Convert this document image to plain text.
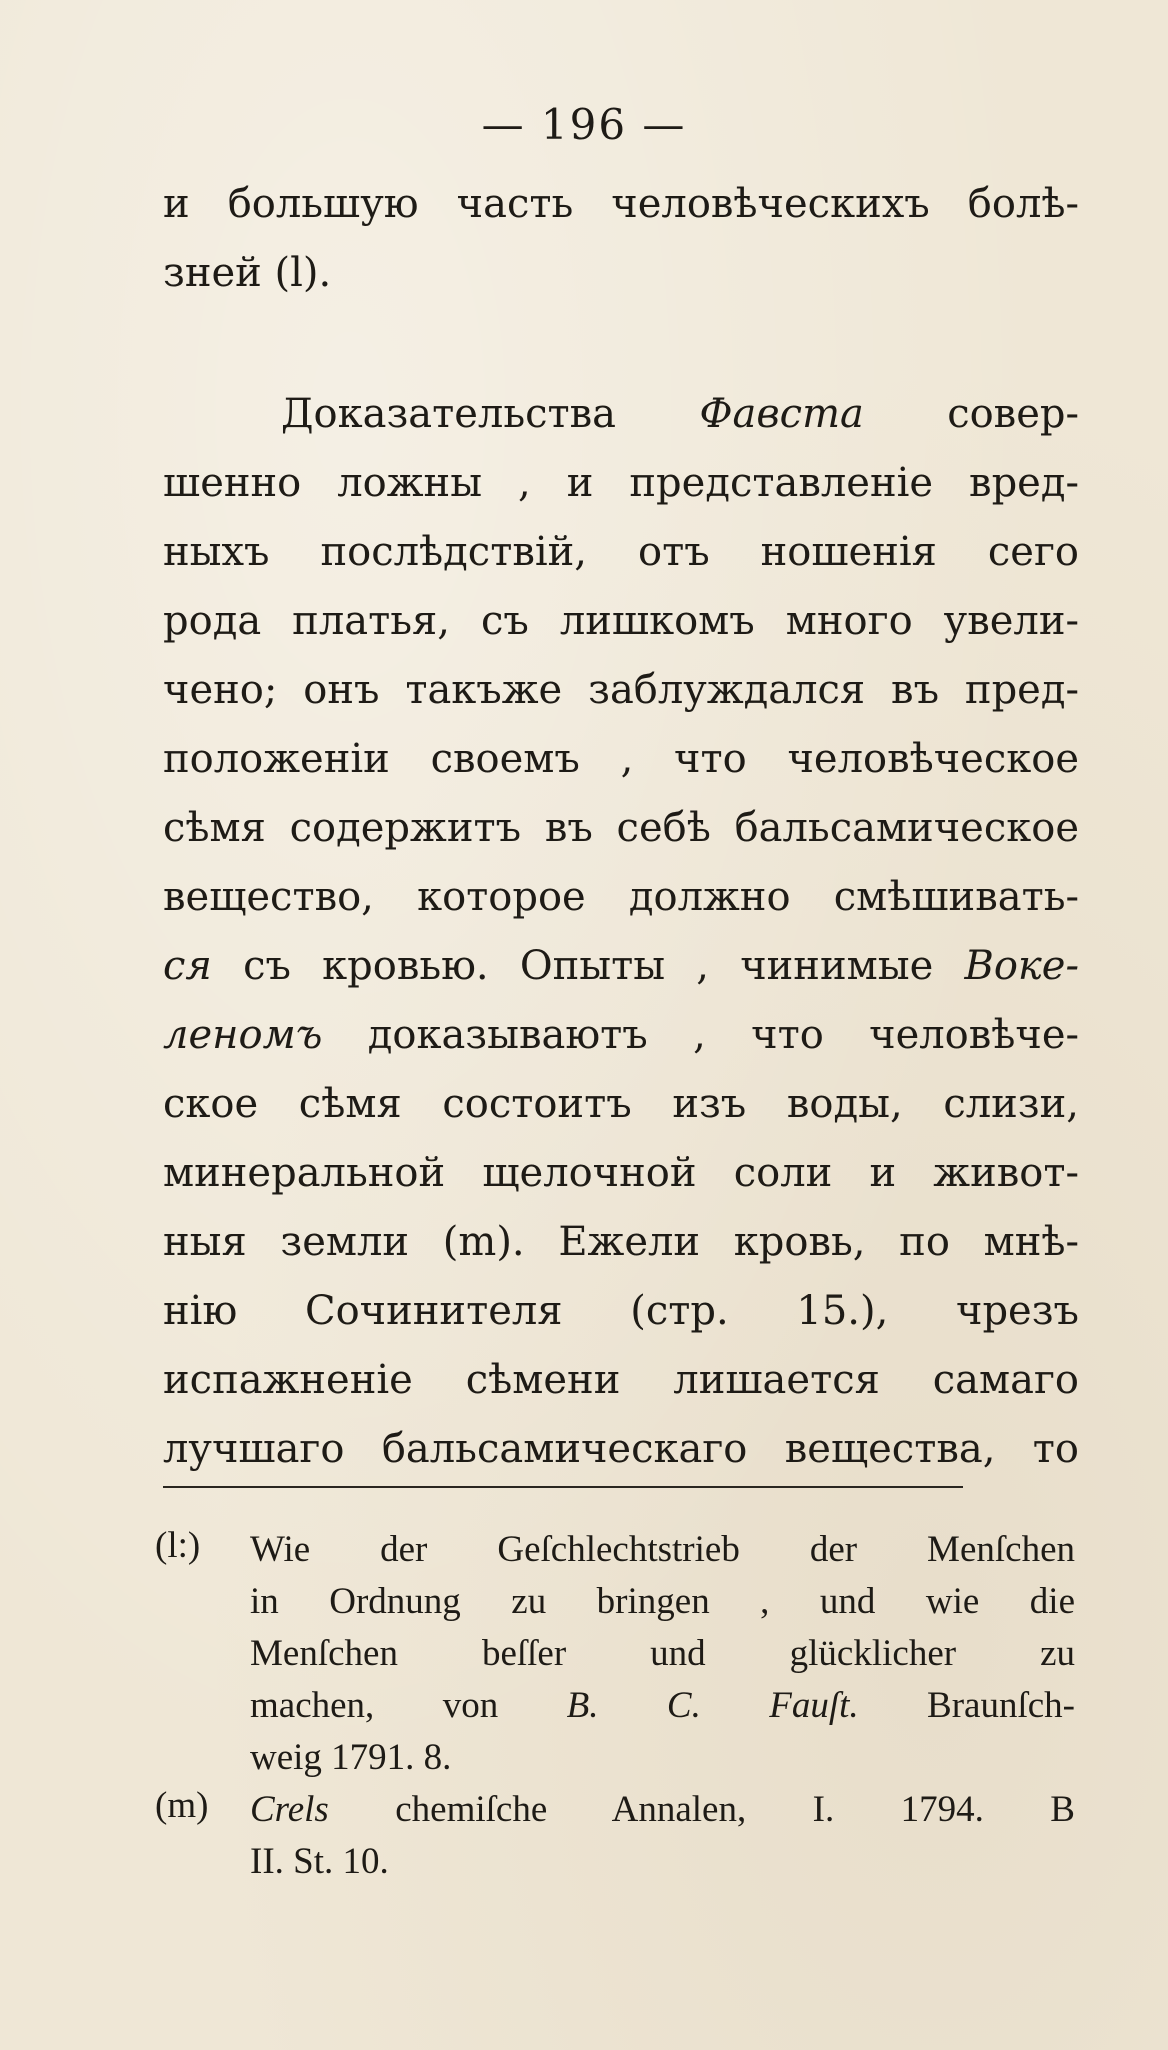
— 196 —
и большую часть человѣческихъ болѣ-
зней (l).
Доказательства Фавста совер-
шенно ложны , и представленіе вред-
ныхъ послѣдствій, отъ ношенія сего
рода платья, съ лишкомъ много увели-
чено; онъ такъже заблуждался въ пред-
положеніи своемъ , что человѣческое
сѣмя содержитъ въ себѣ бальсамическое
вещество, которое должно смѣшивать-
ся съ кровью. Опыты , чинимые Воке-
леномъ доказываютъ , что человѣче-
ское сѣмя состоитъ изъ воды, слизи,
минеральной щелочной соли и живот-
ныя земли (m). Ежели кровь, по мнѣ-
нію Сочинителя (стр. 15.), чрезъ
испажненіе сѣмени лишается самаго
лучшаго бальсамическаго вещества, то
(l:)	Wie der Geſchlechtstrieb der Menſchen
in Ordnung zu bringen , und wie die
Menſchen beſſer und glücklicher zu
machen, von B. C. Fauſt. Braunſch-
weig 1791. 8.
(m)	Crels chemiſche Annalen, I. 1794. B
II. St. 10.
